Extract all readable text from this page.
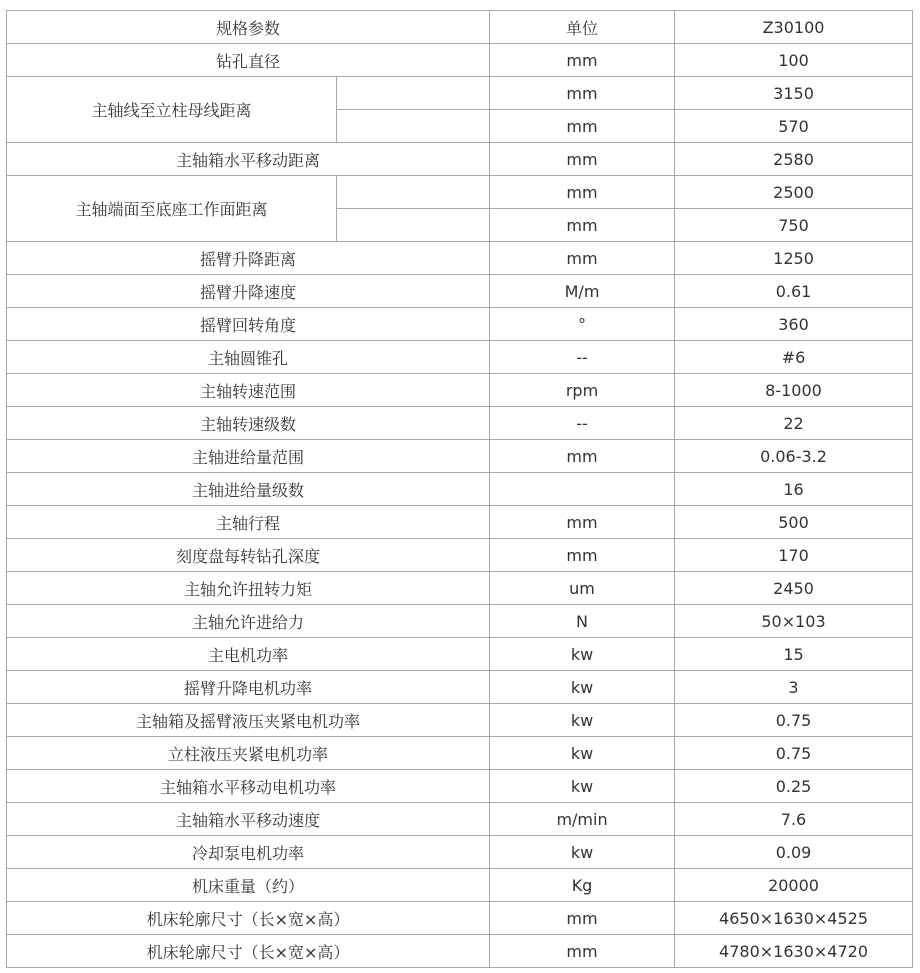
规格参数		单位	Z30100
钻孔直径		mm	100
主轴线至立柱母线距离		mm	3150
		mm	570
主轴箱水平移动距离		mm	2580
主轴端面至底座工作面距离		mm	2500
		mm	750
摇臂升降距离		mm	1250
摇臂升降速度		M/m	0.61
摇臂回转角度		°	360
主轴圆锥孔		--	#6
主轴转速范围		rpm	8-1000
主轴转速级数		--	22
主轴进给量范围		mm	0.06-3.2
主轴进给量级数			16
主轴行程		mm	500
刻度盘每转钻孔深度		mm	170
主轴允许扭转力矩		um	2450
主轴允许进给力		N	50×103
主电机功率		kw	15
摇臂升降电机功率		kw	3
主轴箱及摇臂液压夹紧电机功率		kw	0.75
立柱液压夹紧电机功率		kw	0.75
主轴箱水平移动电机功率		kw	0.25
主轴箱水平移动速度		m/min	7.6
冷却泵电机功率		kw	0.09
机床重量（约）		Kg	20000
机床轮廓尺寸（长×宽×高）		mm	4650×1630×4525
机床轮廓尺寸（长×宽×高）		mm	4780×1630×4720
